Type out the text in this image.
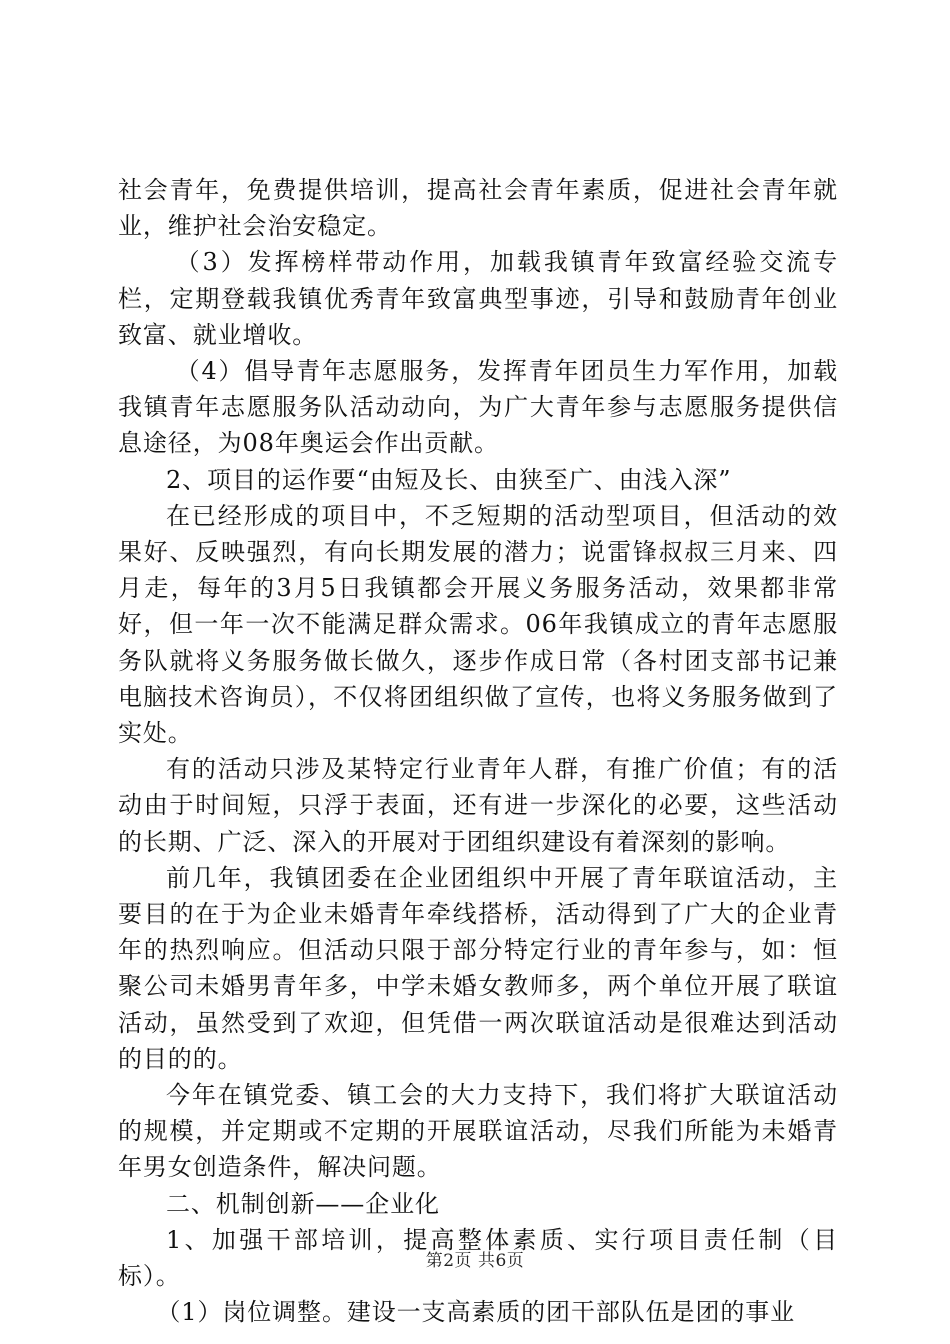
社会青年，免费提供培训，提高社会青年素质，促进社会青年就业，维护社会治安稳定。

（3）发挥榜样带动作用，加载我镇青年致富经验交流专栏，定期登载我镇优秀青年致富典型事迹，引导和鼓励青年创业致富、就业增收。

（4）倡导青年志愿服务，发挥青年团员生力军作用，加载我镇青年志愿服务队活动动向，为广大青年参与志愿服务提供信息途径，为08年奥运会作出贡献。

2、项目的运作要“由短及长、由狭至广、由浅入深”

在已经形成的项目中，不乏短期的活动型项目，但活动的效果好、反映强烈，有向长期发展的潜力；说雷锋叔叔三月来、四月走，每年的3月5日我镇都会开展义务服务活动，效果都非常好，但一年一次不能满足群众需求。06年我镇成立的青年志愿服务队就将义务服务做长做久，逐步作成日常（各村团支部书记兼电脑技术咨询员），不仅将团组织做了宣传，也将义务服务做到了实处。

有的活动只涉及某特定行业青年人群，有推广价值；有的活动由于时间短，只浮于表面，还有进一步深化的必要，这些活动的长期、广泛、深入的开展对于团组织建设有着深刻的影响。

前几年，我镇团委在企业团组织中开展了青年联谊活动，主要目的在于为企业未婚青年牵线搭桥，活动得到了广大的企业青年的热烈响应。但活动只限于部分特定行业的青年参与，如：恒聚公司未婚男青年多，中学未婚女教师多，两个单位开展了联谊活动，虽然受到了欢迎，但凭借一两次联谊活动是很难达到活动的目的的。

今年在镇党委、镇工会的大力支持下，我们将扩大联谊活动的规模，并定期或不定期的开展联谊活动，尽我们所能为未婚青年男女创造条件，解决问题。

二、机制创新——企业化

1、加强干部培训，提高整体素质、实行项目责任制（目标）。

（1）岗位调整。建设一支高素质的团干部队伍是团的事业

第2页 共6页
